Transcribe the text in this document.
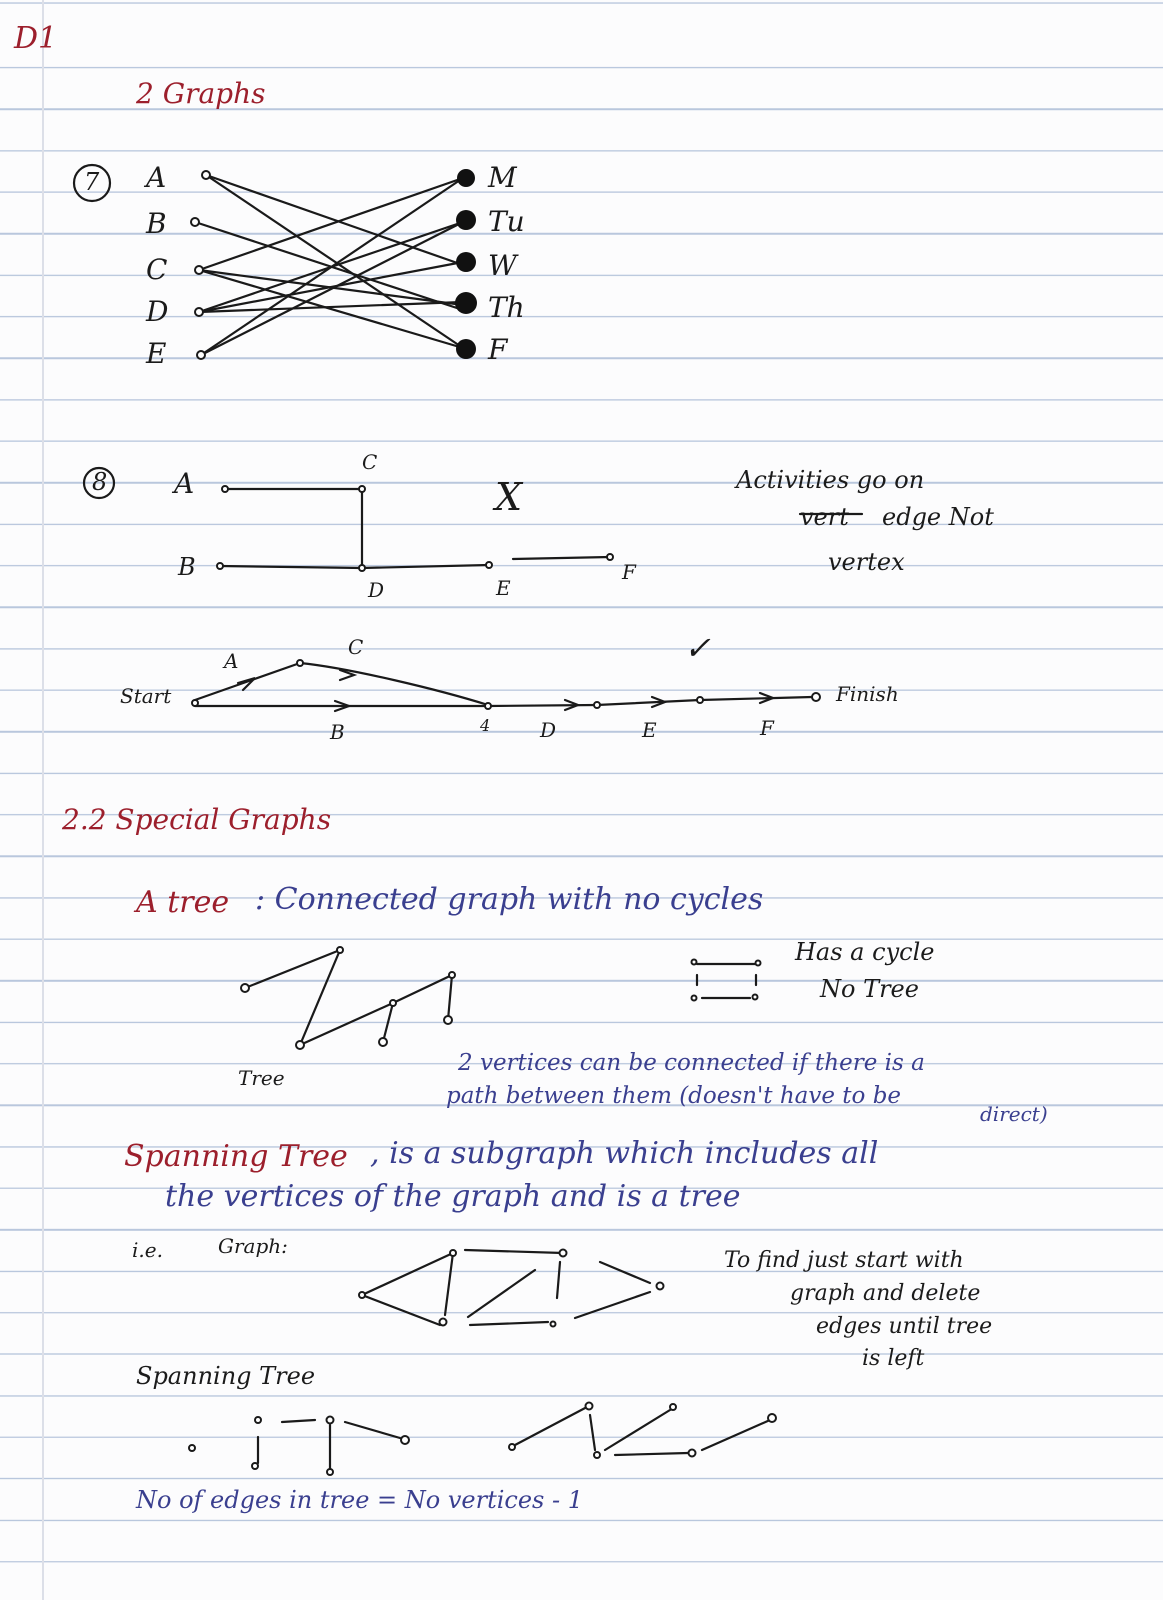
D1
2 Graphs
7 A
B
C
D
E
M
Tu
W
Th
F
8 A
C
B
D	E
F
X	Activities go on
vert edge Not
vertex
Start
A
C
B	4 D	E	F
Finish
✓
2.2 Special Graphs
A tree : Connected graph with no cycles
Has a cycle
No Tree
Tree
2 vertices can be connected if there is a
path between them (doesn't have to be
direct)
Spanning Tree , is a subgraph which includes all
the vertices of the graph and is a tree
i.e.	Graph:
To find just start with
graph and delete
edges until tree
is left
Spanning Tree
No of edges in tree = No vertices - 1
